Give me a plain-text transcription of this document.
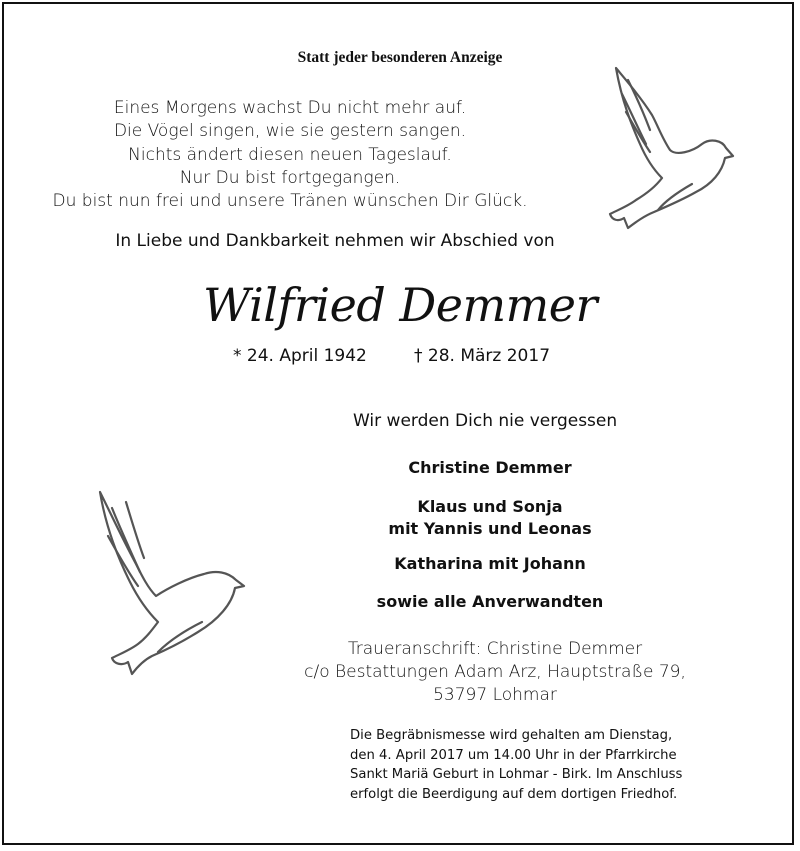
Statt jeder besonderen Anzeige
Eines Morgens wachst Du nicht mehr auf.
Die Vögel singen, wie sie gestern sangen.
Nichts ändert diesen neuen Tageslauf.
Nur Du bist fortgegangen.
Du bist nun frei und unsere Tränen wünschen Dir Glück.
In Liebe und Dankbarkeit nehmen wir Abschied von
Wilfried Demmer
* 24. April 1942	† 28. März 2017
Wir werden Dich nie vergessen
Christine Demmer
Klaus und Sonja
mit Yannis und Leonas
Katharina mit Johann
sowie alle Anverwandten
Traueranschrift: Christine Demmer
c/o Bestattungen Adam Arz, Hauptstraße 79,
53797 Lohmar
Die Begräbnismesse wird gehalten am Dienstag,
den 4. April 2017 um 14.00 Uhr in der Pfarrkirche
Sankt Mariä Geburt in Lohmar - Birk. Im Anschluss
erfolgt die Beerdigung auf dem dortigen Friedhof.
